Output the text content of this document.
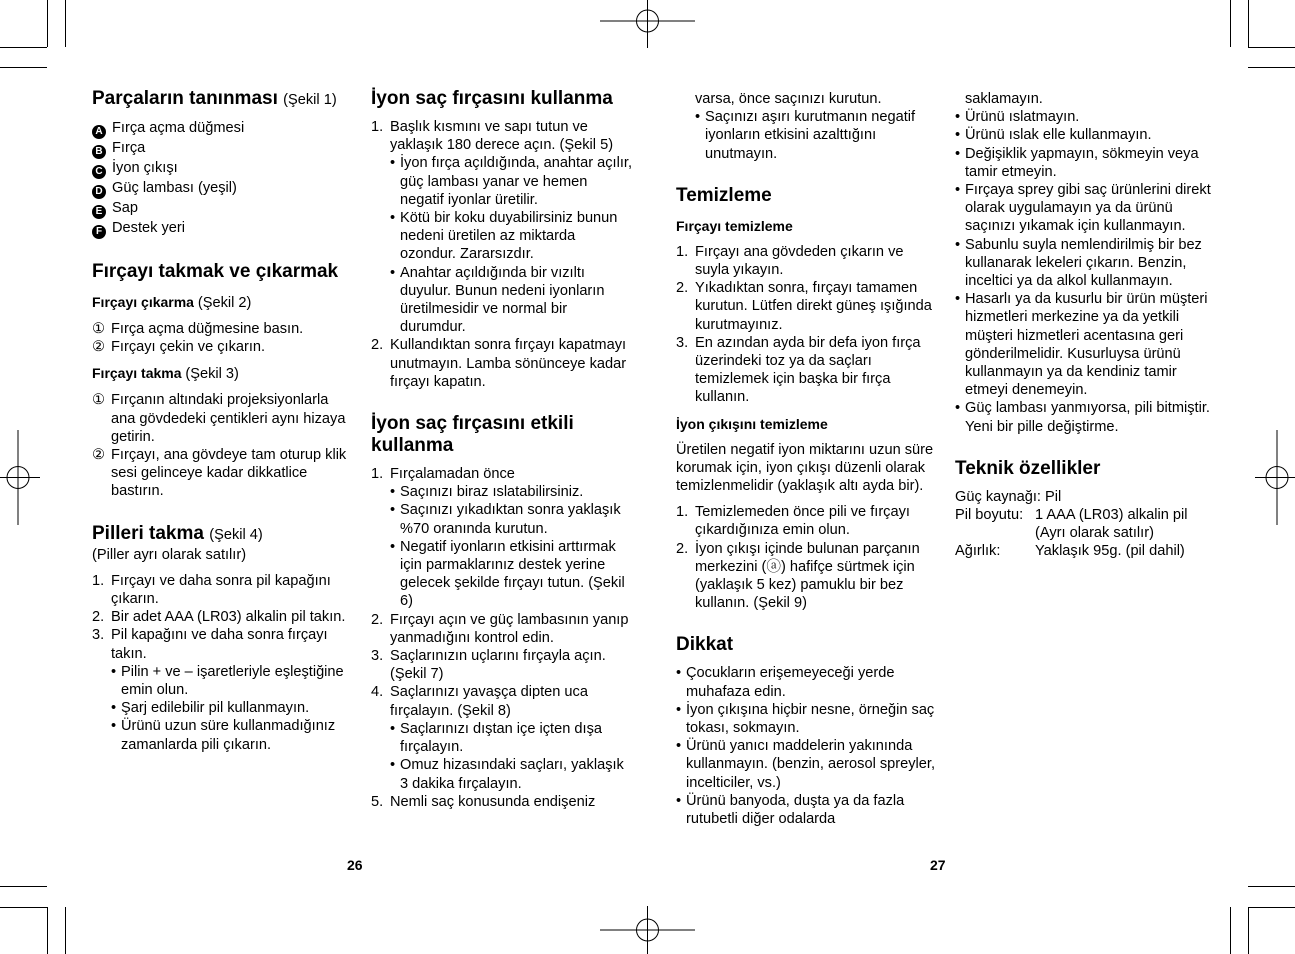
Parçaların tanınması (Şekil 1)
A Fırça açma düğmesi
B Fırça
C İyon çıkışı
D Güç lambası (yeşil)
E Sap
F Destek yeri
Fırçayı takmak ve çıkarmak
Fırçayı çıkarma (Şekil 2)
① Fırça açma düğmesine basın.
② Fırçayı çekin ve çıkarın.
Fırçayı takma (Şekil 3)
① Fırçanın altındaki projeksiyonlarla ana gövdedeki çentikleri aynı hizaya getirin.
② Fırçayı, ana gövdeye tam oturup klik sesi gelinceye kadar dikkatlice bastırın.
Pilleri takma (Şekil 4)
(Piller ayrı olarak satılır)
1. Fırçayı ve daha sonra pil kapağını çıkarın.
2. Bir adet AAA (LR03) alkalin pil takın.
3. Pil kapağını ve daha sonra fırçayı takın.
• Pilin + ve – işaretleriyle eşleştiğine emin olun.
• Şarj edilebilir pil kullanmayın.
• Ürünü uzun süre kullanmadığınız zamanlarda pili çıkarın.
İyon saç fırçasını kullanma
1. Başlık kısmını ve sapı tutun ve yaklaşık 180 derece açın. (Şekil 5)
• İyon fırça açıldığında, anahtar açılır, güç lambası yanar ve hemen negatif iyonlar üretilir.
• Kötü bir koku duyabilirsiniz bunun nedeni üretilen az miktarda ozondur. Zararsızdır.
• Anahtar açıldığında bir vızıltı duyulur. Bunun nedeni iyonların üretilmesidir ve normal bir durumdur.
2. Kullandıktan sonra fırçayı kapatmayı unutmayın. Lamba sönünceye kadar fırçayı kapatın.
İyon saç fırçasını etkili kullanma
1. Fırçalamadan önce
• Saçınızı biraz ıslatabilirsiniz.
• Saçınızı yıkadıktan sonra yaklaşık %70 oranında kurutun.
• Negatif iyonların etkisini arttırmak için parmaklarınız destek yerine gelecek şekilde fırçayı tutun. (Şekil 6)
2. Fırçayı açın ve güç lambasının yanıp yanmadığını kontrol edin.
3. Saçlarınızın uçlarını fırçayla açın. (Şekil 7)
4. Saçlarınızı yavaşça dipten uca fırçalayın. (Şekil 8)
• Saçlarınızı dıştan içe içten dışa fırçalayın.
• Omuz hizasındaki saçları, yaklaşık 3 dakika fırçalayın.
5. Nemli saç konusunda endişeniz
varsa, önce saçınızı kurutun.
• Saçınızı aşırı kurutmanın negatif iyonların etkisini azalttığını unutmayın.
Temizleme
Fırçayı temizleme
1. Fırçayı ana gövdeden çıkarın ve suyla yıkayın.
2. Yıkadıktan sonra, fırçayı tamamen kurutun. Lütfen direkt güneş ışığında kurutmayınız.
3. En azından ayda bir defa iyon fırça üzerindeki toz ya da saçları temizlemek için başka bir fırça kullanın.
İyon çıkışını temizleme

Üretilen negatif iyon miktarını uzun süre korumak için, iyon çıkışı düzenli olarak temizlenmelidir (yaklaşık altı ayda bir).

1. Temizlemeden önce pili ve fırçayı çıkardığınıza emin olun.
2. İyon çıkışı içinde bulunan parçanın merkezini (ⓐ) hafifçe sürtmek için (yaklaşık 5 kez) pamuklu bir bez kullanın. (Şekil 9)
Dikkat
• Çocukların erişemeyeceği yerde muhafaza edin.
• İyon çıkışına hiçbir nesne, örneğin saç tokası, sokmayın.
• Ürünü yanıcı maddelerin yakınında kullanmayın. (benzin, aerosol spreyler, incelticiler, vs.)
• Ürünü banyoda, duşta ya da fazla rutubetli diğer odalarda
saklamayın.
• Ürünü ıslatmayın.
• Ürünü ıslak elle kullanmayın.
• Değişiklik yapmayın, sökmeyin veya tamir etmeyin.
• Fırçaya sprey gibi saç ürünlerini direkt olarak uygulamayın ya da ürünü saçınızı yıkamak için kullanmayın.
• Sabunlu suyla nemlendirilmiş bir bez kullanarak lekeleri çıkarın. Benzin, inceltici ya da alkol kullanmayın.
• Hasarlı ya da kusurlu bir ürün müşteri hizmetleri merkezine ya da yetkili müşteri hizmetleri acentasına geri gönderilmelidir. Kusurluysa ürünü kullanmayın ya da kendiniz tamir etmeyi denemeyin.
• Güç lambası yanmıyorsa, pili bitmiştir. Yeni bir pille değiştirme.
Teknik özellikler
Güç kaynağı: Pil
Pil boyutu: 1 AAA (LR03) alkalin pil
(Ayrı olarak satılır)
Ağırlık:	Yaklaşık 95g. (pil dahil)
26	27
